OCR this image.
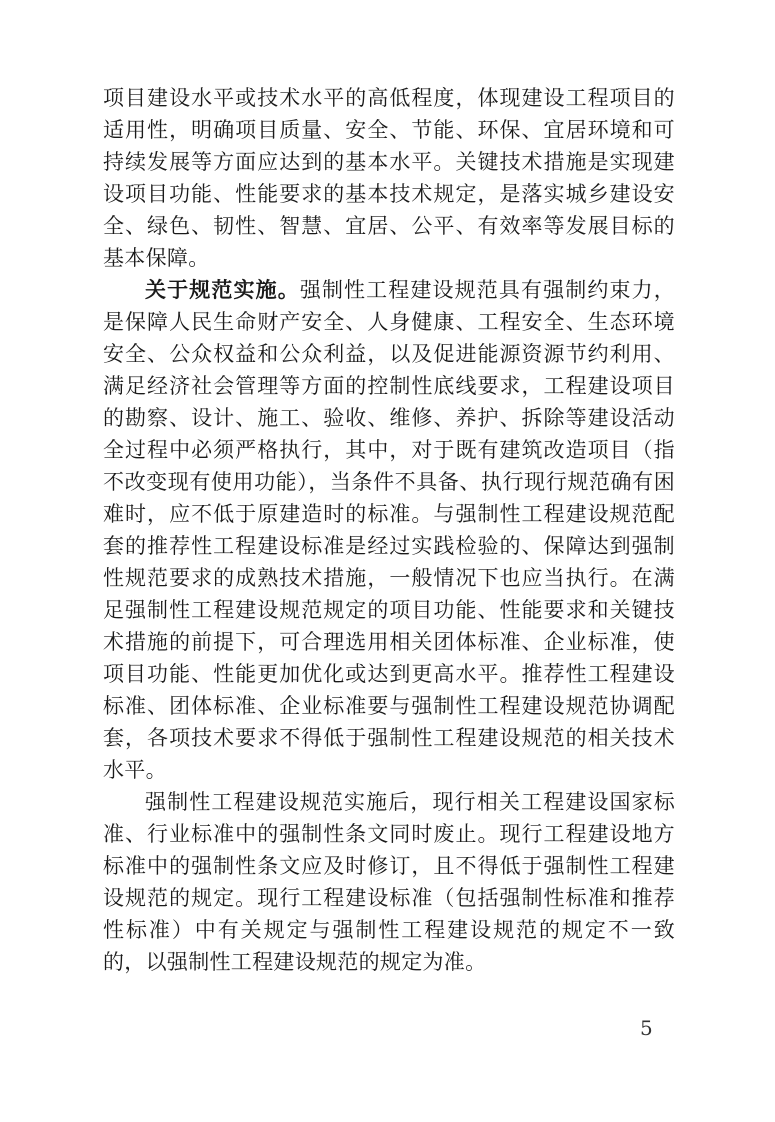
项目建设水平或技术水平的高低程度，体现建设工程项目的适用性，明确项目质量、安全、节能、环保、宜居环境和可持续发展等方面应达到的基本水平。关键技术措施是实现建设项目功能、性能要求的基本技术规定，是落实城乡建设安全、绿色、韧性、智慧、宜居、公平、有效率等发展目标的基本保障。

关于规范实施。强制性工程建设规范具有强制约束力，是保障人民生命财产安全、人身健康、工程安全、生态环境安全、公众权益和公众利益，以及促进能源资源节约利用、满足经济社会管理等方面的控制性底线要求，工程建设项目的勘察、设计、施工、验收、维修、养护、拆除等建设活动全过程中必须严格执行，其中，对于既有建筑改造项目（指不改变现有使用功能），当条件不具备、执行现行规范确有困难时，应不低于原建造时的标准。与强制性工程建设规范配套的推荐性工程建设标准是经过实践检验的、保障达到强制性规范要求的成熟技术措施，一般情况下也应当执行。在满足强制性工程建设规范规定的项目功能、性能要求和关键技术措施的前提下，可合理选用相关团体标准、企业标准，使项目功能、性能更加优化或达到更高水平。推荐性工程建设标准、团体标准、企业标准要与强制性工程建设规范协调配套，各项技术要求不得低于强制性工程建设规范的相关技术水平。

强制性工程建设规范实施后，现行相关工程建设国家标准、行业标准中的强制性条文同时废止。现行工程建设地方标准中的强制性条文应及时修订，且不得低于强制性工程建设规范的规定。现行工程建设标准（包括强制性标准和推荐性标准）中有关规定与强制性工程建设规范的规定不一致的，以强制性工程建设规范的规定为准。

5
